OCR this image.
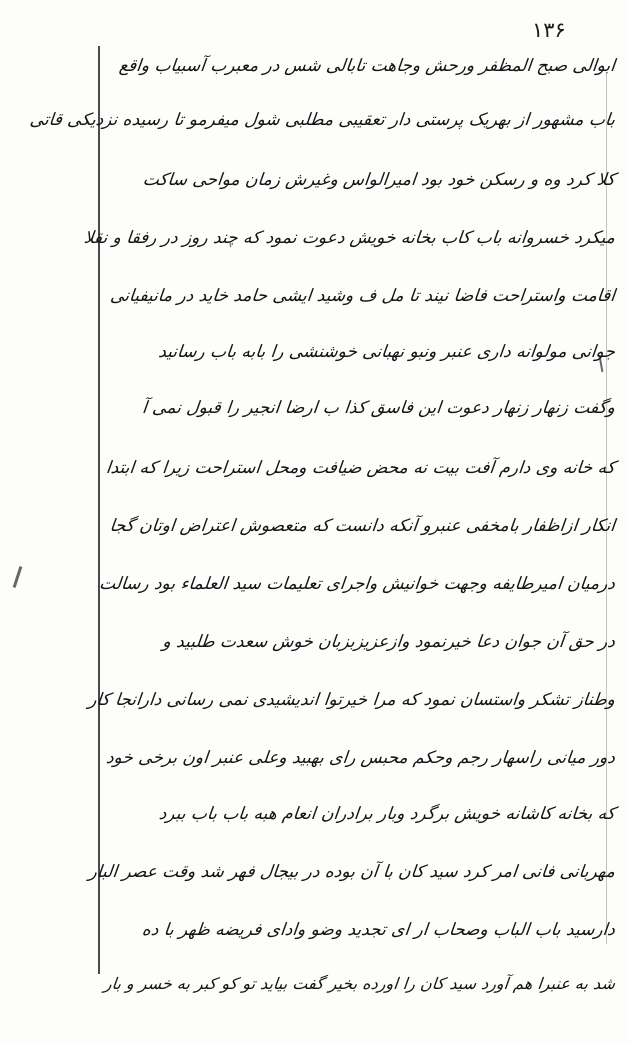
۱۳۶
ابوالی صبح المظفر ورحش وجاهت تابالی شس در معبرب آسبیاب واقع
باب مشهور از بهریک پرستی دار تعقیبی مطلبی شول میفرمو تا رسیده نزدیکی قاتی
کلا کرد وه و رسکن خود بود امیرالواس وغیرش زمان مواحی ساکت
میکرد خسروانه باب کاب بخانه خویش دعوت نمود که چند روز در رفقا و نقلا
اقامت واستراحت فاضا نیند تا مل ف وشید ایشی حامد خاید در مانیفیانی
جوانی مولوانه داری عنبر ونبو نهبانی خوشنشی را بابه باب رسانید
وگفت زنهار زنهار دعوت این فاسق کذا ب ارضا انجیر را قبول نمی آ
که خانه وی دارم آفت بیت نه محض ضیافت ومحل استراحت زیرا که ابتدا
انکار ازاظفار بامخفی عنبرو آنکه دانست که متعصوش اعتراض اوتان گجا
درمیان امیرطایفه وجهت خوانیش واجرای تعلیمات سید العلماء بود رسالت
در حق آن جوان دعا خیرنمود وازعزیزبزبان خوش سعدت طلبید و
وطناز تشکر واستسان نمود که مرا خیرتوا اندیشیدی نمی رسانی دارانجا کار
دور میانی راسهار رجم وحکم محبس رای بهبید وعلی عنبر اون برخی خود
که بخانه کاشانه خویش برگرد وبار برادران انعام هبه باب باب ببرد
مهربانی فانی امر کرد سید کان با آن بوده در بیجال فهر شد وقت عصر البار
دارسید باب الباب وصحاب ار ای تجدید وضو وادای فریضه ظهر با ده
شد به عنبرا هم آورد سید کان را اورده بخیر گفت بیاید تو کو کبر به خسر و بار
